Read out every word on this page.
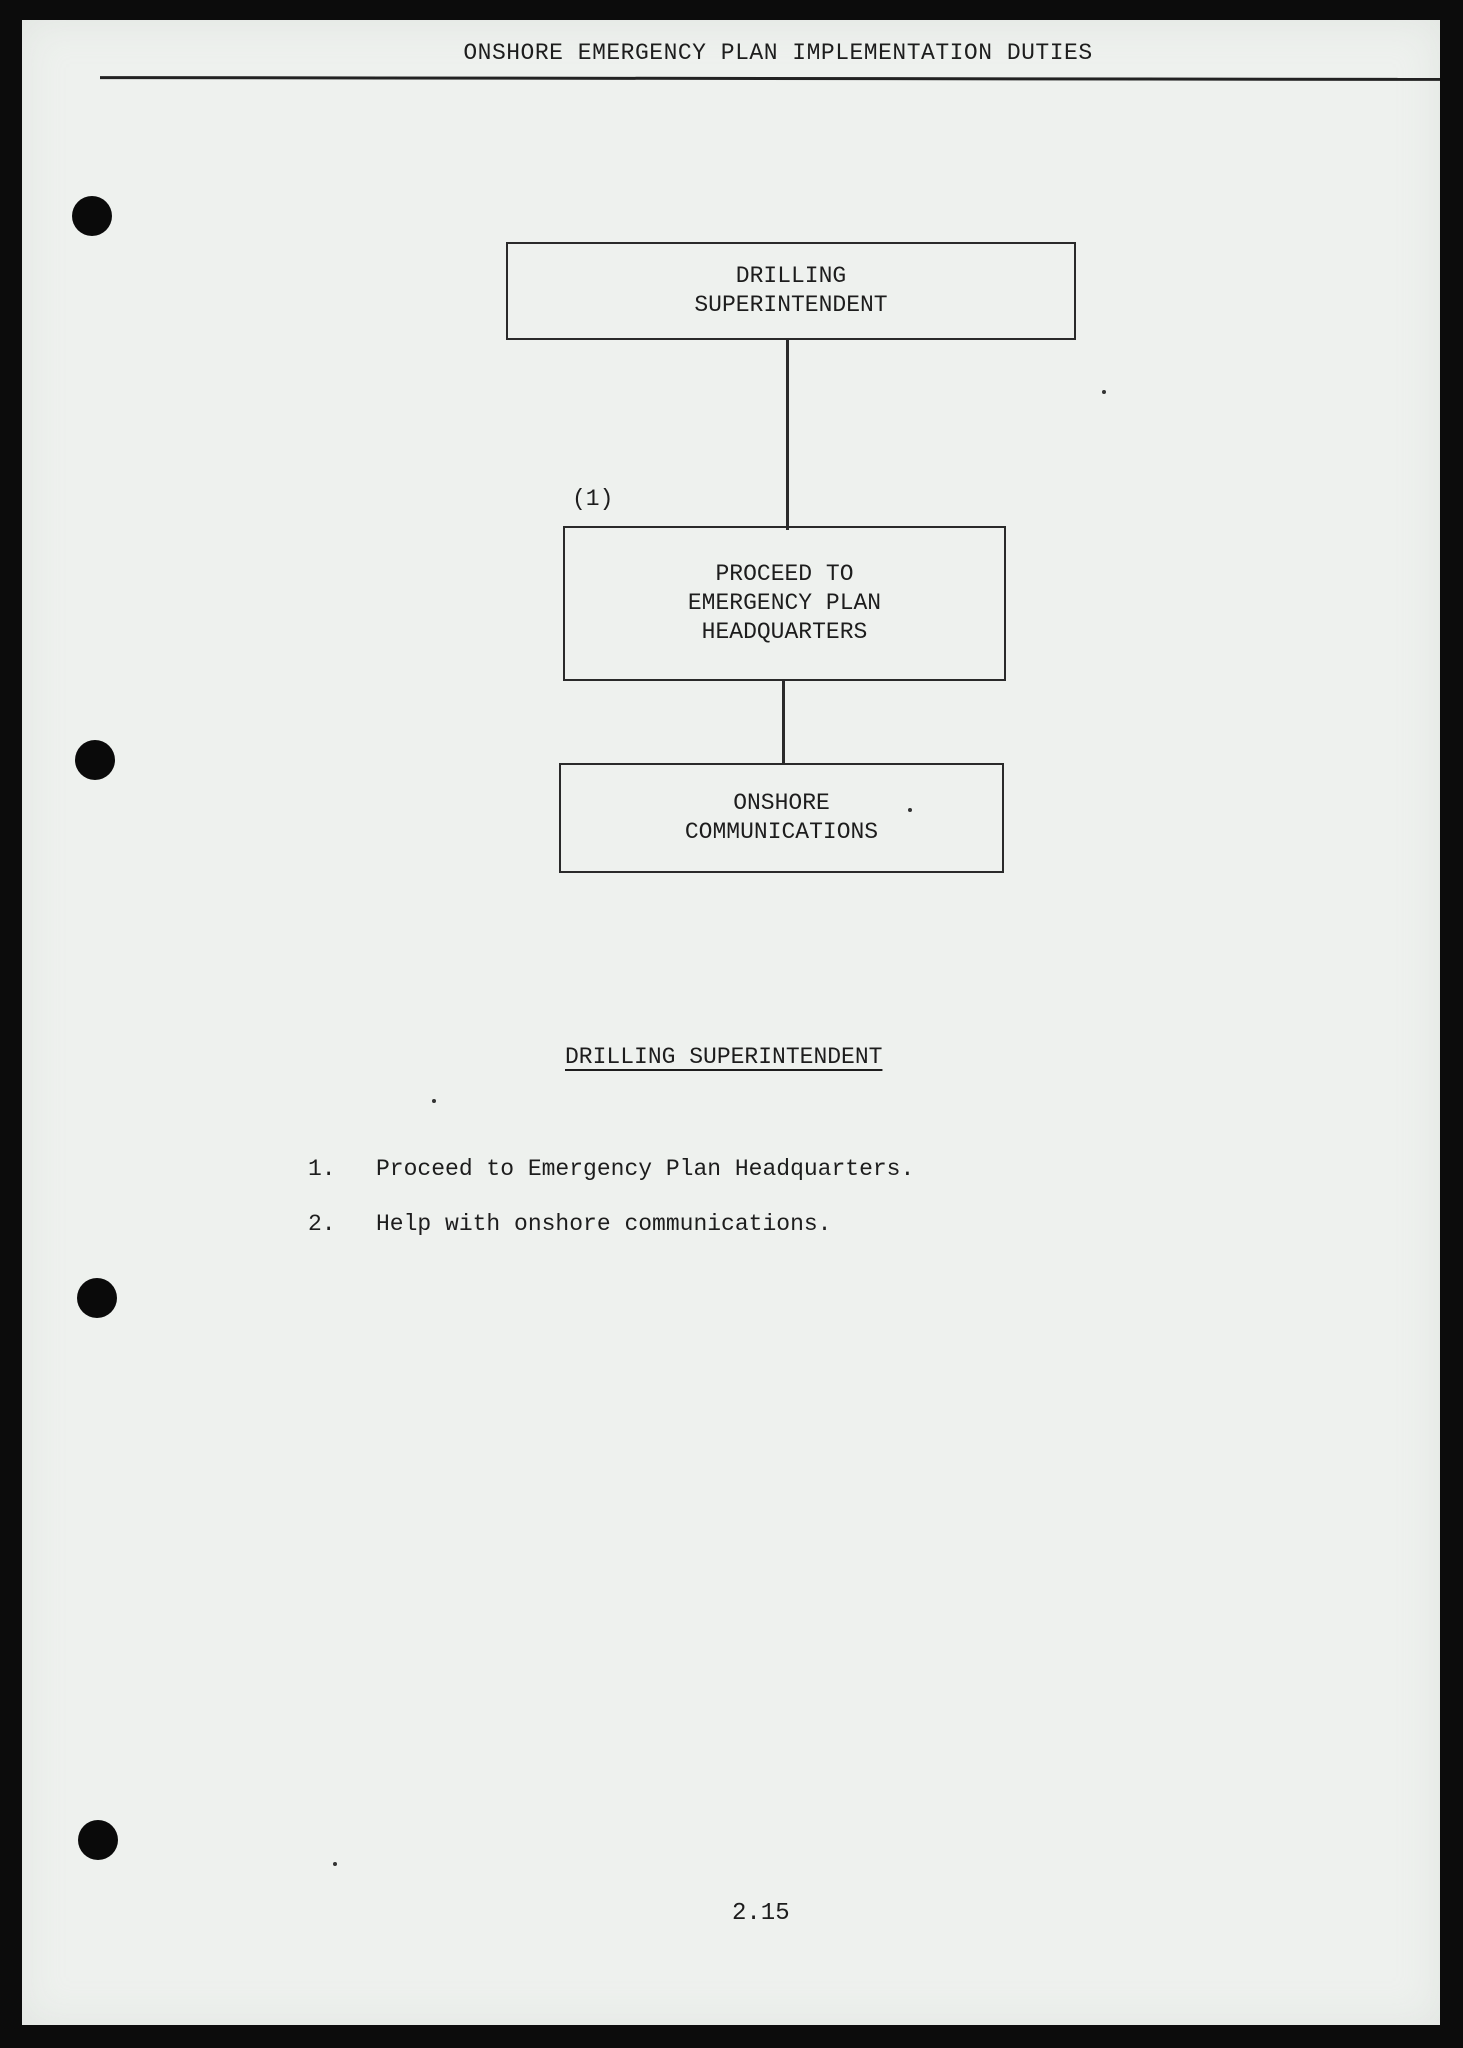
ONSHORE EMERGENCY PLAN IMPLEMENTATION DUTIES
DRILLING
SUPERINTENDENT
(1)
PROCEED TO
EMERGENCY PLAN
HEADQUARTERS
ONSHORE
COMMUNICATIONS
DRILLING SUPERINTENDENT
1. Proceed to Emergency Plan Headquarters.
2. Help with onshore communications.
2.15
